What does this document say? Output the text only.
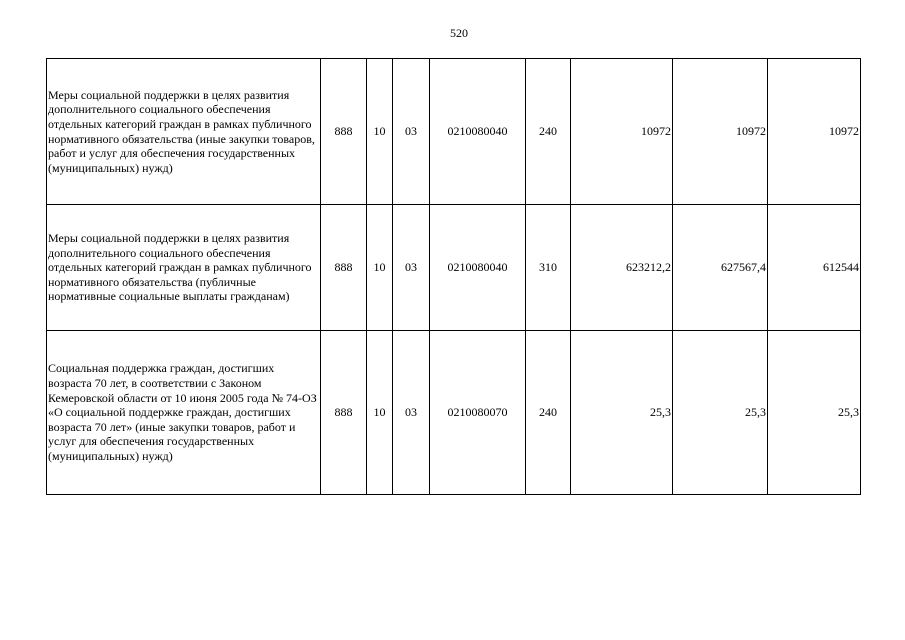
520
Меры социальной поддержки в целях развития дополнительного социального обеспечения отдельных категорий граждан в рамках публичного нормативного обязательства (иные закупки товаров, работ и услуг для обеспечения государственных (муниципальных) нужд)	888	10	03	0210080040	240	10972	10972	10972
Меры социальной поддержки в целях развития дополнительного социального обеспечения отдельных категорий граждан в рамках публичного нормативного обязательства (публичные нормативные социальные выплаты гражданам)	888	10	03	0210080040	310	623212,2	627567,4	612544
Социальная поддержка граждан, достигших возраста 70 лет, в соответствии с Законом Кемеровской области от 10 июня 2005 года № 74-ОЗ «О социальной поддержке граждан, достигших возраста 70 лет» (иные закупки товаров, работ и услуг для обеспечения государственных (муниципальных) нужд)	888	10	03	0210080070	240	25,3	25,3	25,3
